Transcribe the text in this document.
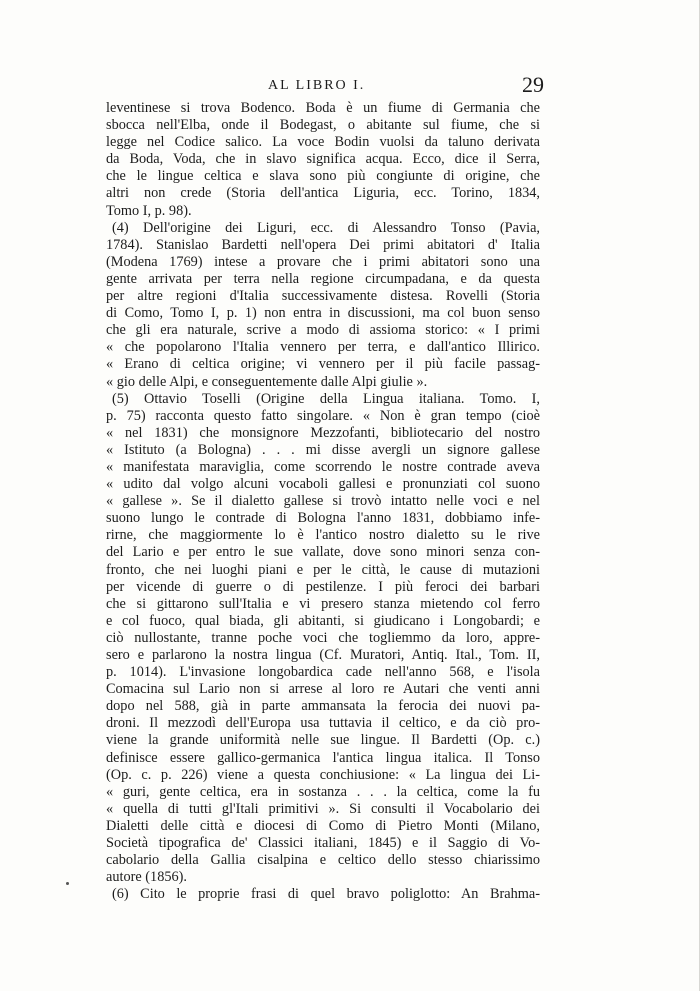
AL LIBRO I.	29

leventinese si trova Bodenco. Boda è un fiume di Germania che

sbocca nell'Elba, onde il Bodegast, o abitante sul fiume, che si

legge nel Codice salico. La voce Bodin vuolsi da taluno derivata

da Boda, Voda, che in slavo significa acqua. Ecco, dice il Serra,

che le lingue celtica e slava sono più congiunte di origine, che

altri non crede (Storia dell'antica Liguria, ecc. Torino, 1834,

Tomo I, p. 98).

(4) Dell'origine dei Liguri, ecc. di Alessandro Tonso (Pavia,

1784). Stanislao Bardetti nell'opera Dei primi abitatori d' Italia

(Modena 1769) intese a provare che i primi abitatori sono una

gente arrivata per terra nella regione circumpadana, e da questa

per altre regioni d'Italia successivamente distesa. Rovelli (Storia

di Como, Tomo I, p. 1) non entra in discussioni, ma col buon senso

che gli era naturale, scrive a modo di assioma storico: « I primi

« che popolarono l'Italia vennero per terra, e dall'antico Illirico.

« Erano di celtica origine; vi vennero per il più facile passag-

« gio delle Alpi, e conseguentemente dalle Alpi giulie ».

(5) Ottavio Toselli (Origine della Lingua italiana. Tomo. I,

p. 75) racconta questo fatto singolare. « Non è gran tempo (cioè

« nel 1831) che monsignore Mezzofanti, bibliotecario del nostro

« Istituto (a Bologna) . . . mi disse avergli un signore gallese

« manifestata maraviglia, come scorrendo le nostre contrade aveva

« udito dal volgo alcuni vocaboli gallesi e pronunziati col suono

« gallese ». Se il dialetto gallese si trovò intatto nelle voci e nel

suono lungo le contrade di Bologna l'anno 1831, dobbiamo infe-

rirne, che maggiormente lo è l'antico nostro dialetto su le rive

del Lario e per entro le sue vallate, dove sono minori senza con-

fronto, che nei luoghi piani e per le città, le cause di mutazioni

per vicende di guerre o di pestilenze. I più feroci dei barbari

che si gittarono sull'Italia e vi presero stanza mietendo col ferro

e col fuoco, qual biada, gli abitanti, si giudicano i Longobardi; e

ciò nullostante, tranne poche voci che togliemmo da loro, appre-

sero e parlarono la nostra lingua (Cf. Muratori, Antiq. Ital., Tom. II,

p. 1014). L'invasione longobardica cade nell'anno 568, e l'isola

Comacina sul Lario non si arrese al loro re Autari che venti anni

dopo nel 588, già in parte ammansata la ferocia dei nuovi pa-

droni. Il mezzodì dell'Europa usa tuttavia il celtico, e da ciò pro-

viene la grande uniformità nelle sue lingue. Il Bardetti (Op. c.)

definisce essere gallico-germanica l'antica lingua italica. Il Tonso

(Op. c. p. 226) viene a questa conchiusione: « La lingua dei Li-

« guri, gente celtica, era in sostanza . . . la celtica, come la fu

« quella di tutti gl'Itali primitivi ». Si consulti il Vocabolario dei

Dialetti delle città e diocesi di Como di Pietro Monti (Milano,

Società tipografica de' Classici italiani, 1845) e il Saggio di Vo-

cabolario della Gallia cisalpina e celtico dello stesso chiarissimo

autore (1856).

(6) Cito le proprie frasi di quel bravo poliglotto: An Brahma-
